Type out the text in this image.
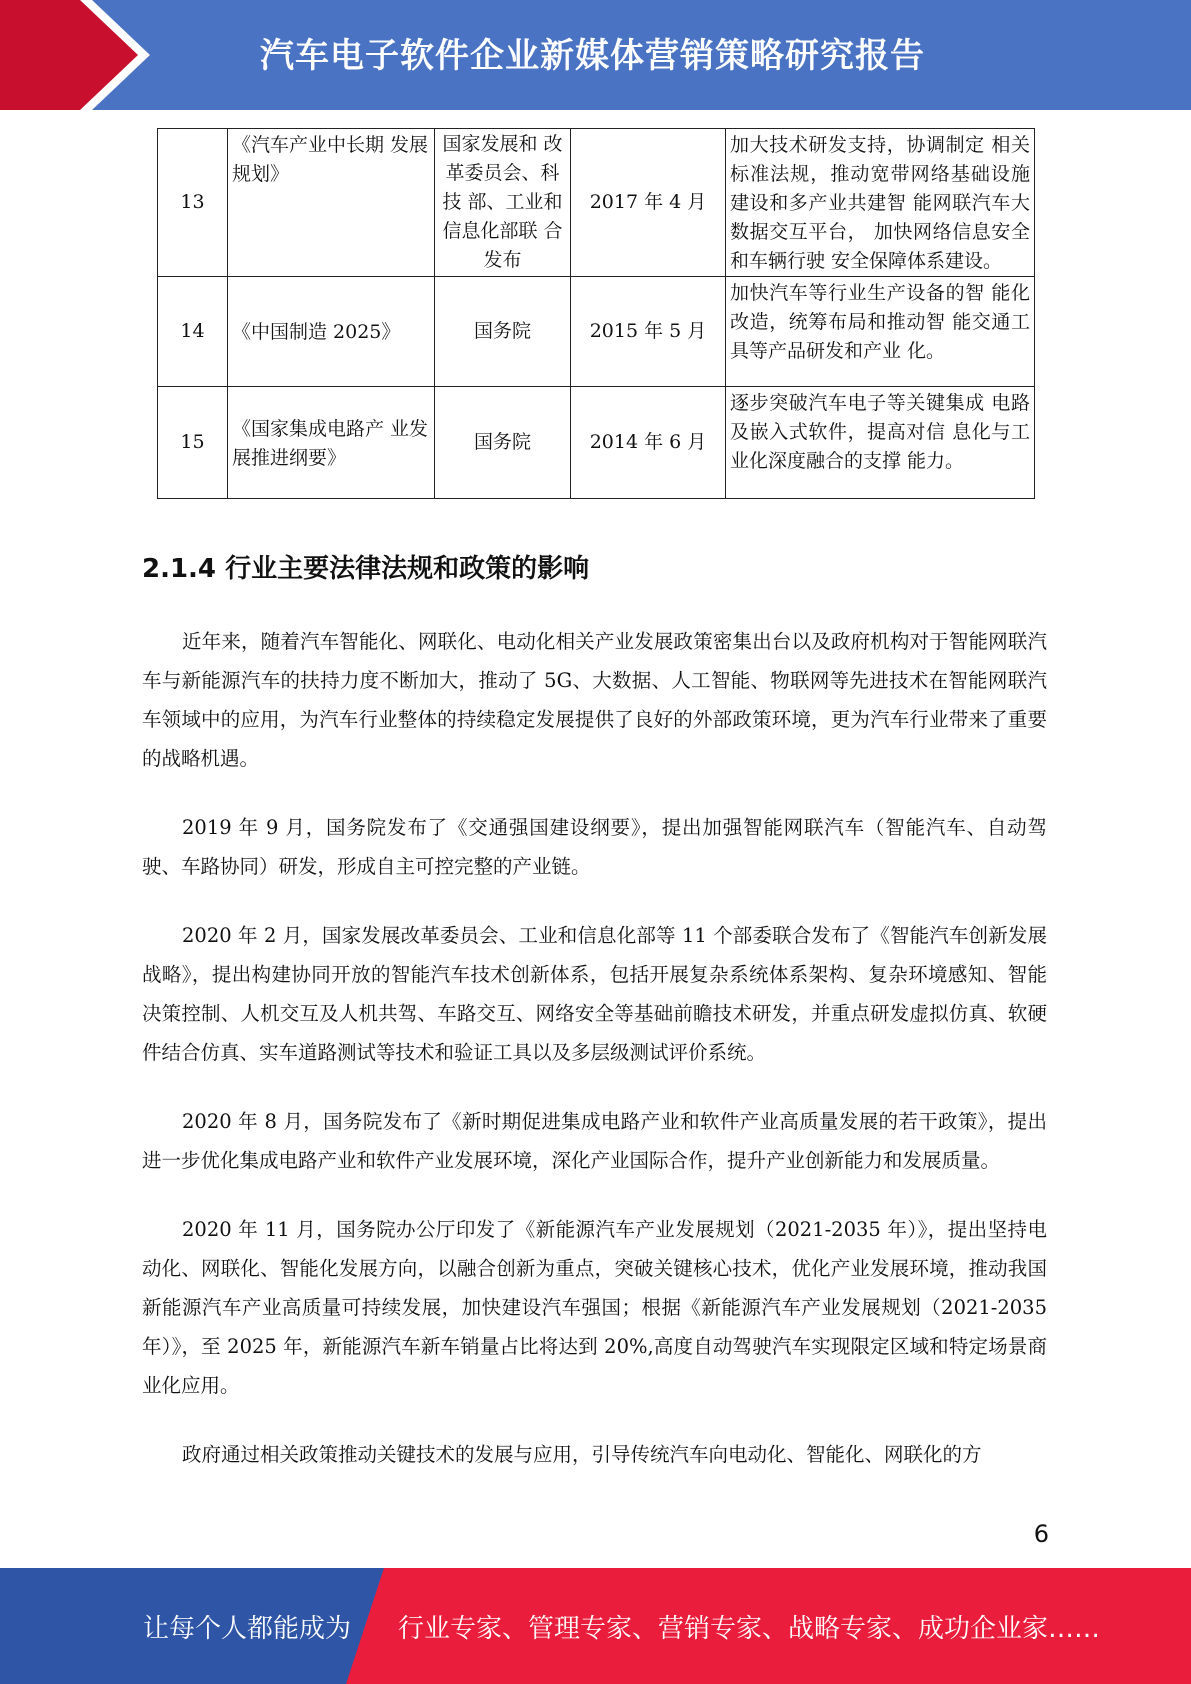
汽车电子软件企业新媒体营销策略研究报告
13	《汽车产业中长期 发展规划》	国家发展和 改革委员会、科技 部、工业和信息化部联 合发布	2017 年 4 月	加大技术研发支持，协调制定 相关标准法规，推动宽带网络基础设施建设和多产业共建智 能网联汽车大数据交互平台， 加快网络信息安全和车辆行驶 安全保障体系建设。

14	《中国制造 2025》	国务院	2015 年 5 月	加快汽车等行业生产设备的智 能化改造，统筹布局和推动智 能交通工具等产品研发和产业 化。
15	《国家集成电路产 业发展推进纲要》	国务院	2014 年 6 月	逐步突破汽车电子等关键集成 电路及嵌入式软件，提高对信 息化与工业化深度融合的支撑 能力。
2.1.4 行业主要法律法规和政策的影响

近年来，随着汽车智能化、网联化、电动化相关产业发展政策密集出台以及政府机构对于智能网联汽车与新能源汽车的扶持力度不断加大，推动了 5G、大数据、人工智能、物联网等先进技术在智能网联汽车领域中的应用，为汽车行业整体的持续稳定发展提供了良好的外部政策环境，更为汽车行业带来了重要的战略机遇。

2019 年 9 月，国务院发布了《交通强国建设纲要》，提出加强智能网联汽车（智能汽车、自动驾驶、车路协同）研发，形成自主可控完整的产业链。

2020 年 2 月，国家发展改革委员会、工业和信息化部等 11 个部委联合发布了《智能汽车创新发展战略》，提出构建协同开放的智能汽车技术创新体系，包括开展复杂系统体系架构、复杂环境感知、智能决策控制、人机交互及人机共驾、车路交互、网络安全等基础前瞻技术研发，并重点研发虚拟仿真、软硬件结合仿真、实车道路测试等技术和验证工具以及多层级测试评价系统。

2020 年 8 月，国务院发布了《新时期促进集成电路产业和软件产业高质量发展的若干政策》，提出进一步优化集成电路产业和软件产业发展环境，深化产业国际合作，提升产业创新能力和发展质量。

2020 年 11 月，国务院办公厅印发了《新能源汽车产业发展规划（2021-2035 年）》，提出坚持电动化、网联化、智能化发展方向，以融合创新为重点，突破关键核心技术，优化产业发展环境，推动我国新能源汽车产业高质量可持续发展，加快建设汽车强国；根据《新能源汽车产业发展规划（2021-2035 年）》，至 2025 年，新能源汽车新车销量占比将达到 20%,高度自动驾驶汽车实现限定区域和特定场景商业化应用。

政府通过相关政策推动关键技术的发展与应用，引导传统汽车向电动化、智能化、网联化的方

6
让每个人都能成为 行业专家、管理专家、营销专家、战略专家、成功企业家……
